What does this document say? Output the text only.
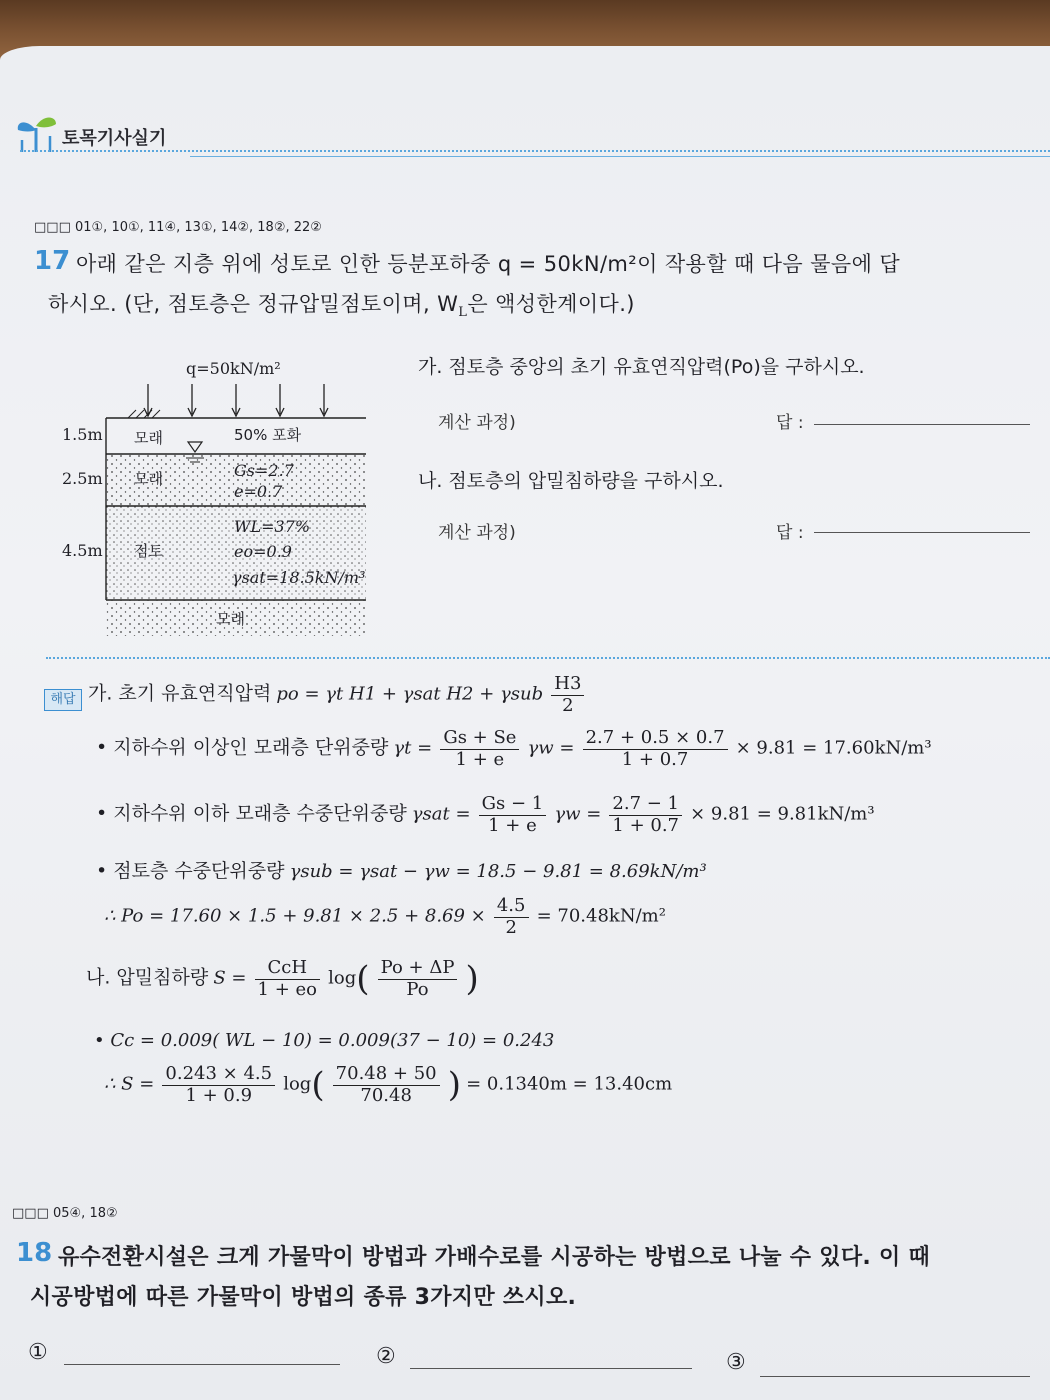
토목기사실기
□□□ 01①, 10①, 11④, 13①, 14②, 18②, 22②
17 아래 같은 지층 위에 성토로 인한 등분포하중 q = 50kN/m²이 작용할 때 다음 물음에 답
하시오. (단, 점토층은 정규압밀점토이며, $W_L$은 액성한계이다.)
q=50kN/m²
1.5m 모래	50% 포화
2.5m 모래	Gs=2.7
e=0.7
4.5m 점토
WL=37%
eo=0.9
γsat=18.5kN/m³
모래
가. 점토층 중앙의 초기 유효연직압력(Po)을 구하시오.
계산 과정)	답 :
나. 점토층의 압밀침하량을 구하시오.
계산 과정)	답 :
해답 가. 초기 유효연직압력 po = γt H1 + γsat H2 + γsub $\frac{H3}{2}$
• 지하수위 이상인 모래층 단위중량 $\gamma t = \frac{Gs + Se}{1 + e}$ $\gamma w = \frac{2.7 + 0.5 \times 0.7}{1 + 0.7} \times 9.81 = 17.60kN/m^3$
• 지하수위 이하 모래층 수중단위중량 $\gamma sat = \frac{Gs - 1}{1 + e}$ $\gamma w = \frac{2.7 - 1}{1 + 0.7} \times 9.81 = 9.81kN/m^3$
• 점토층 수중단위중량 γsub = γsat − γw = 18.5 − 9.81 = 8.69kN/m³
∴ $Po = 17.60 \times 1.5 + 9.81 \times 2.5 + 8.69 \times \frac{4.5}{2} = 70.48kN/m^2$
나. 압밀침하량 $S = \frac{\text{CcH}}{1 + eo} \log( \frac{Po + \Delta P}{Po}$ )
• Cc = 0.009( WL − 10) = 0.009(37 − 10) = 0.243
∴ $S = \frac{0.243 \times 4.5}{1 + 0.9} \log( \frac{70.48 + 50}{70.48}$ ) = 0.1340m = 13.40cm
□□□ 05④, 18②
18 유수전환시설은 크게 가물막이 방법과 가배수로를 시공하는 방법으로 나눌 수 있다. 이 때
시공방법에 따른 가물막이 방법의 종류 3가지만 쓰시오.
①	②	③
